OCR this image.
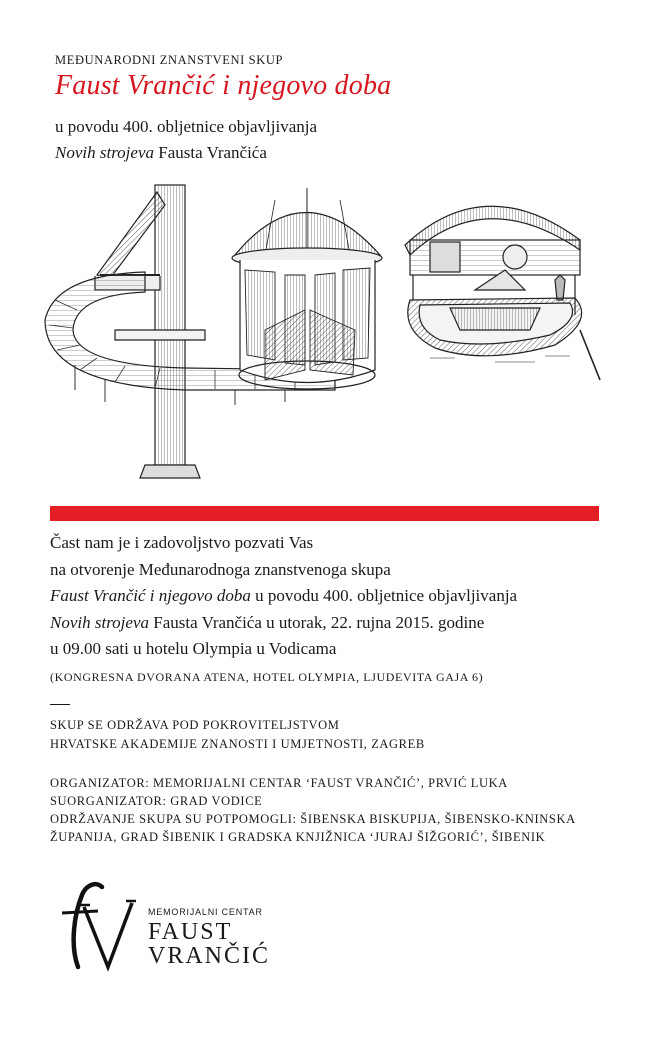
MEĐUNARODNI ZNANSTVENI SKUP
Faust Vrančić i njegovo doba
u povodu 400. obljetnice objavljivanja
Novih strojeva Fausta Vrančića
Čast nam je i zadovoljstvo pozvati Vas
na otvorenje Međunarodnoga znanstvenoga skupa
Faust Vrančić i njegovo doba u povodu 400. obljetnice objavljivanja
Novih strojeva Fausta Vrančića u utorak, 22. rujna 2015. godine
u 09.00 sati u hotelu Olympia u Vodicama
(KONGRESNA DVORANA ATENA, HOTEL OLYMPIA, LJUDEVITA GAJA 6)
SKUP SE ODRŽAVA POD POKROVITELJSTVOM
HRVATSKE AKADEMIJE ZNANOSTI I UMJETNOSTI, ZAGREB
ORGANIZATOR: MEMORIJALNI CENTAR ‘FAUST VRANČIĆ’, PRVIĆ LUKA
SUORGANIZATOR: GRAD VODICE
ODRŽAVANJE SKUPA SU POTPOMOGLI: ŠIBENSKA BISKUPIJA, ŠIBENSKO-KNINSKA
ŽUPANIJA, GRAD ŠIBENIK I GRADSKA KNJIŽNICA ‘JURAJ ŠIŽGORIĆ’, ŠIBENIK
MEMORIJALNI CENTAR
FAUST
VRANČIĆ
